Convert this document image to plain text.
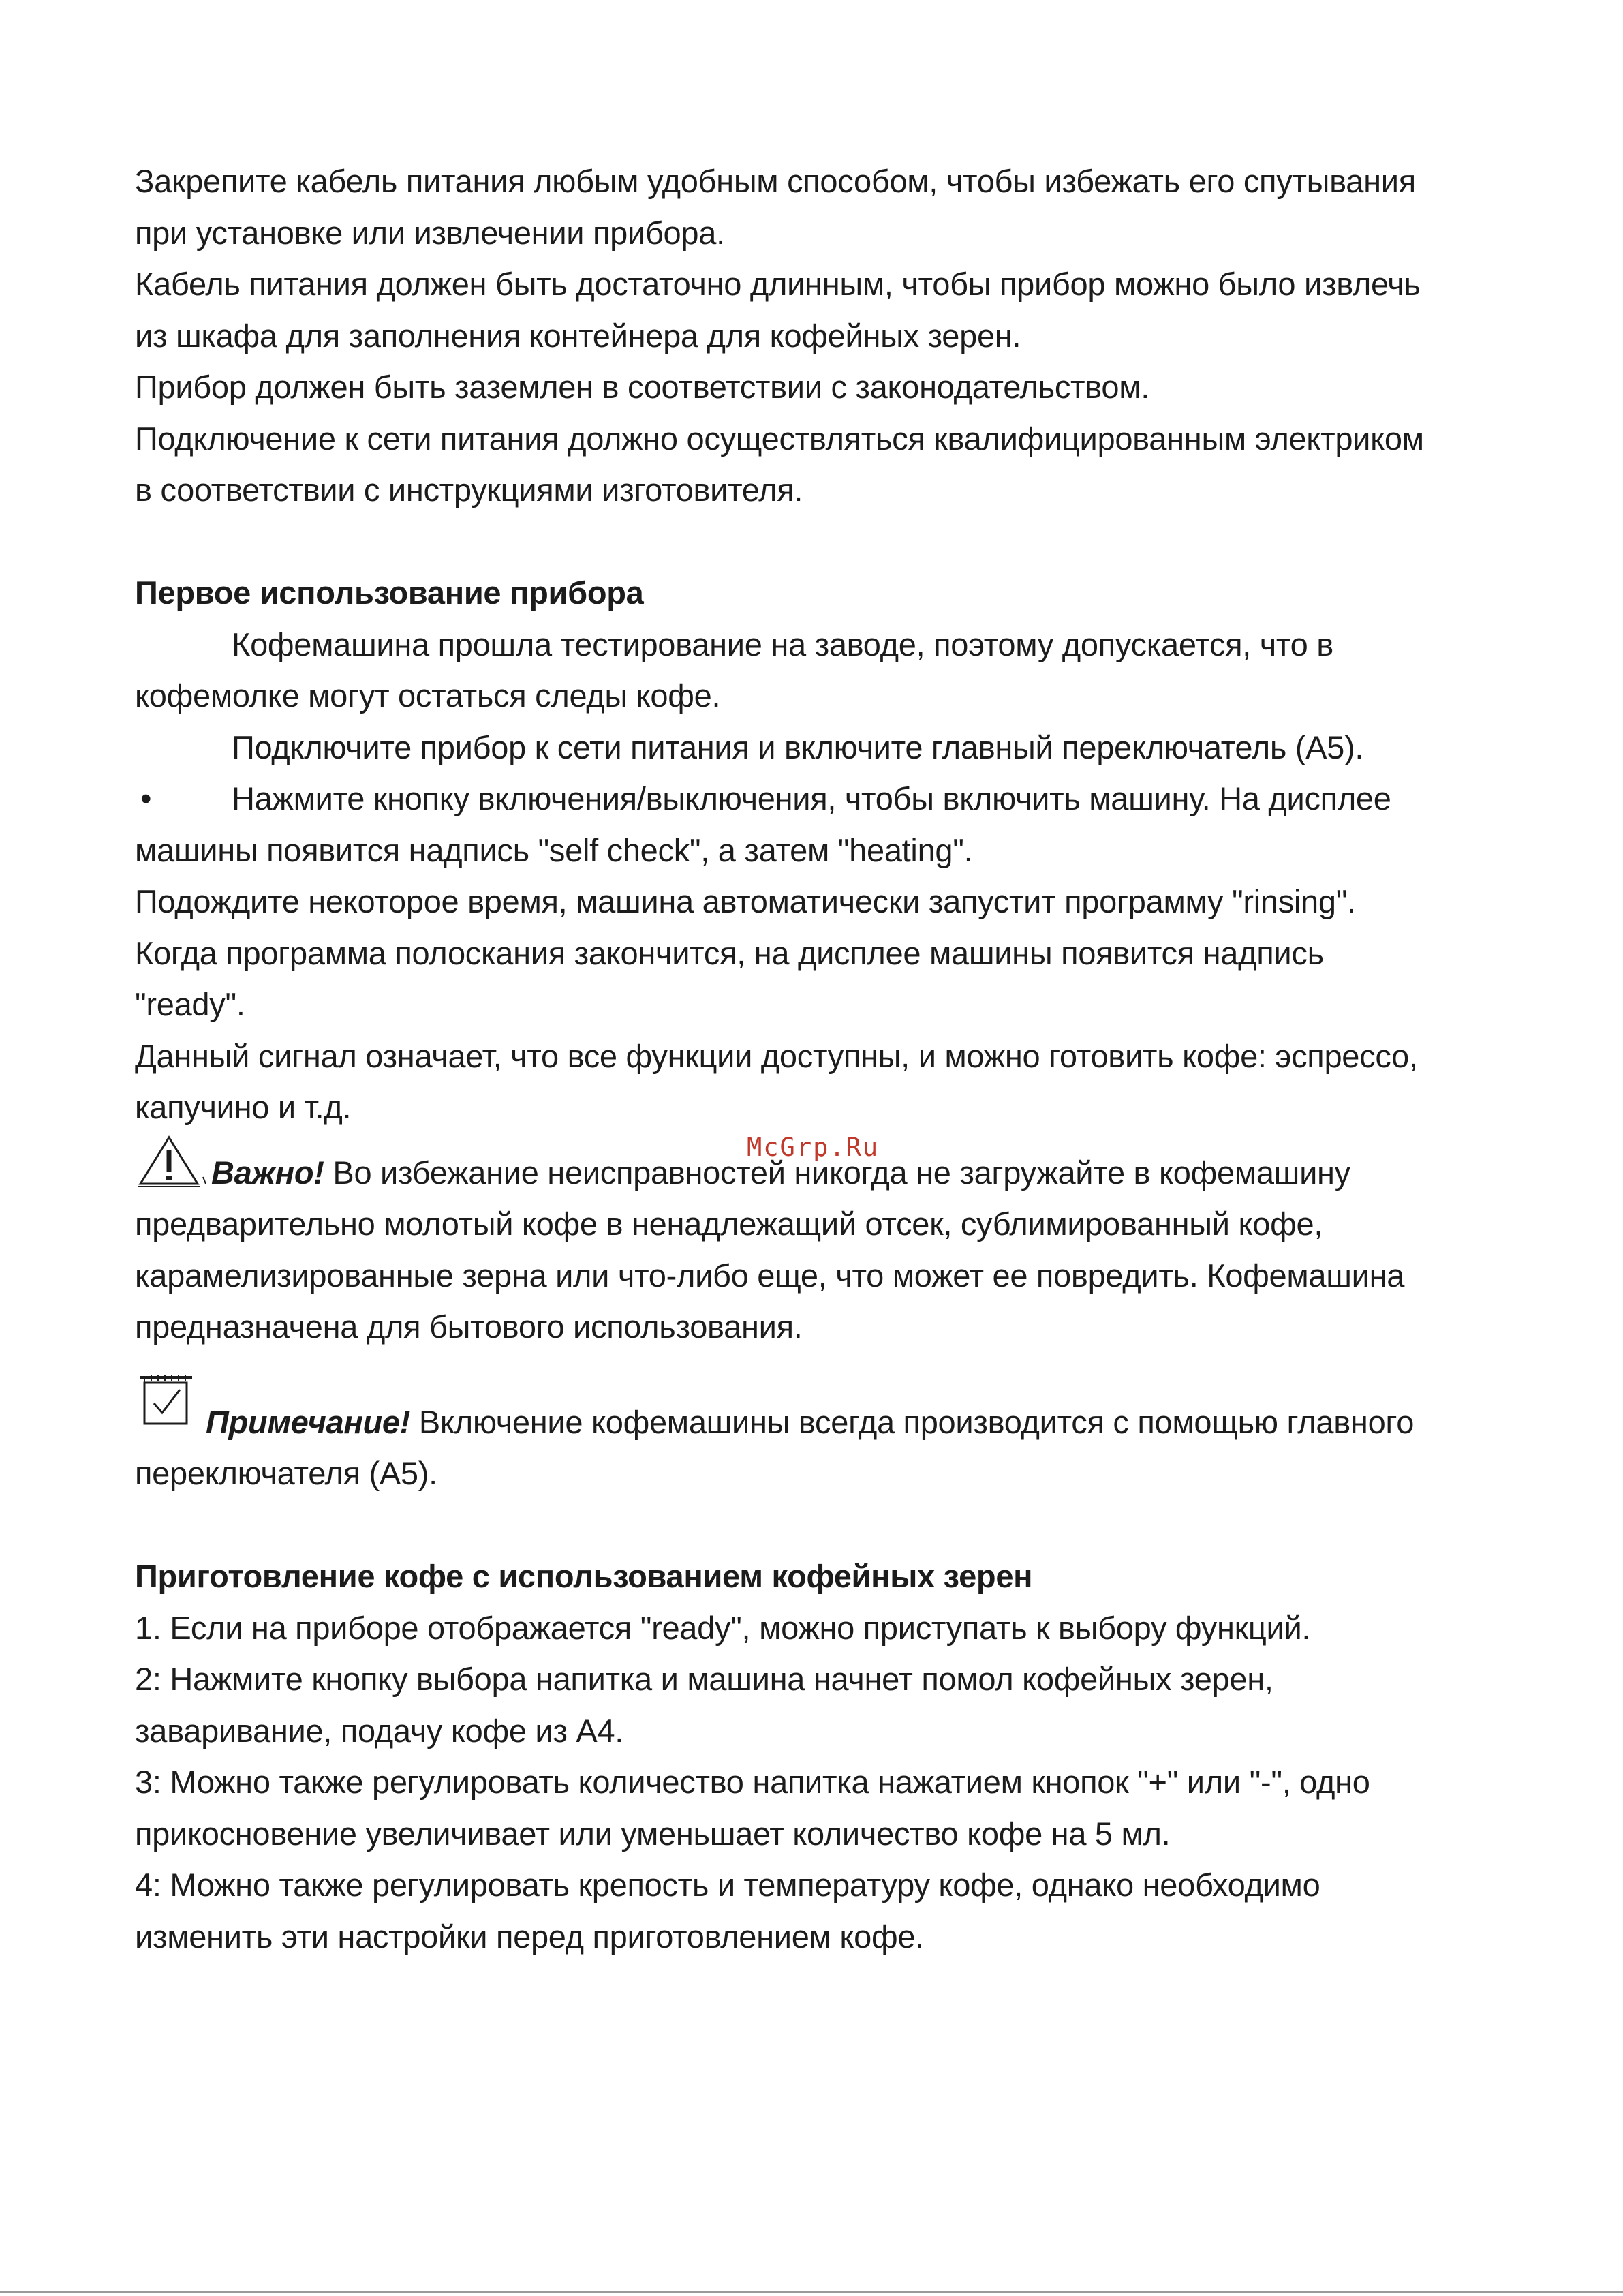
Закрепите кабель питания любым удобным способом, чтобы избежать его спутывания
при установке или извлечении прибора.
Кабель питания должен быть достаточно длинным, чтобы прибор можно было извлечь
из шкафа для заполнения контейнера для кофейных зерен.
Прибор должен быть заземлен в соответствии с законодательством.
Подключение к сети питания должно осуществляться квалифицированным электриком
в соответствии с инструкциями изготовителя.
Первое использование прибора
Кофемашина прошла тестирование на заводе, поэтому допускается, что в
кофемолке могут остаться следы кофе.
Подключите прибор к сети питания и включите главный переключатель (A5).
•	Нажмите кнопку включения/выключения, чтобы включить машину. На дисплее
машины появится надпись "self check", а затем "heating".
Подождите некоторое время, машина автоматически запустит программу "rinsing".
Когда программа полоскания закончится, на дисплее машины появится надпись
"ready".
Данный сигнал означает, что все функции доступны, и можно готовить кофе: эспрессо,
капучино и т.д.
Важно! Во избежание неисправностей никогда не загружайте в кофемашину
предварительно молотый кофе в ненадлежащий отсек, сублимированный кофе,
карамелизированные зерна или что-либо еще, что может ее повредить. Кофемашина
предназначена для бытового использования.
Примечание! Включение кофемашины всегда производится с помощью главного
переключателя (A5).
Приготовление кофе с использованием кофейных зерен
1. Если на приборе отображается "ready", можно приступать к выбору функций.
2: Нажмите кнопку выбора напитка и машина начнет помол кофейных зерен,
заваривание, подачу кофе из A4.
3: Можно также регулировать количество напитка нажатием кнопок "+" или "-", одно
прикосновение увеличивает или уменьшает количество кофе на 5 мл.
4: Можно также регулировать крепость и температуру кофе, однако необходимо
изменить эти настройки перед приготовлением кофе.
McGrp.Ru
